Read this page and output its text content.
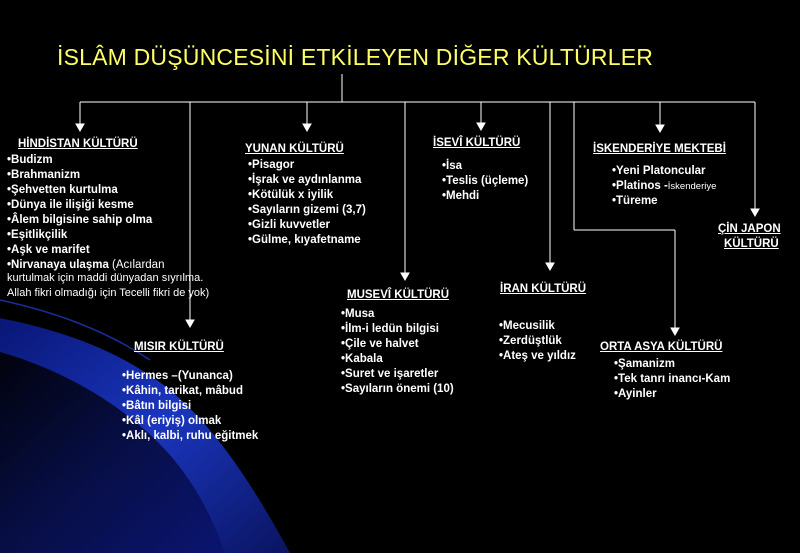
İSLÂM DÜŞÜNCESİNİ ETKİLEYEN DİĞER KÜLTÜRLER
HİNDİSTAN KÜLTÜRÜ
• Budizm
• Brahmanizm
• Şehvetten kurtulma
• Dünya ile ilişiği kesme
• Âlem bilgisine sahip olma
• Eşitlikçilik
• Aşk ve marifet
• Nirvanaya ulaşma (Acılardan
kurtulmak için maddi dünyadan sıyrılma.
Allah fikri olmadığı için Tecelli fikri de yok)
YUNAN KÜLTÜRÜ
• Pisagor
• İşrak ve aydınlanma
• Kötülük x iyilik
• Sayıların gizemi (3,7)
• Gizli kuvvetler
• Gülme, kıyafetname
İSEVÎ KÜLTÜRÜ
• İsa
• Teslis (üçleme)
• Mehdi
İSKENDERİYE MEKTEBİ
• Yeni Platoncular
• Platinos -İskenderiye
• Türeme
ÇİN JAPON
KÜLTÜRÜ
MUSEVÎ KÜLTÜRÜ
• Musa
• İlm-i ledün bilgisi
• Çile ve halvet
• Kabala
• Suret ve işaretler
• Sayıların önemi (10)
İRAN KÜLTÜRÜ
• Mecusilik
• Zerdüştlük
• Ateş ve yıldız
MISIR KÜLTÜRÜ
• Hermes –(Yunanca)
• Kâhin, tarikat, mâbud
• Bâtın bilgisi
• Kâl (eriyiş) olmak
• Aklı, kalbi, ruhu eğitmek
ORTA ASYA KÜLTÜRÜ
• Şamanizm
• Tek tanrı inancı-Kam
• Ayinler
